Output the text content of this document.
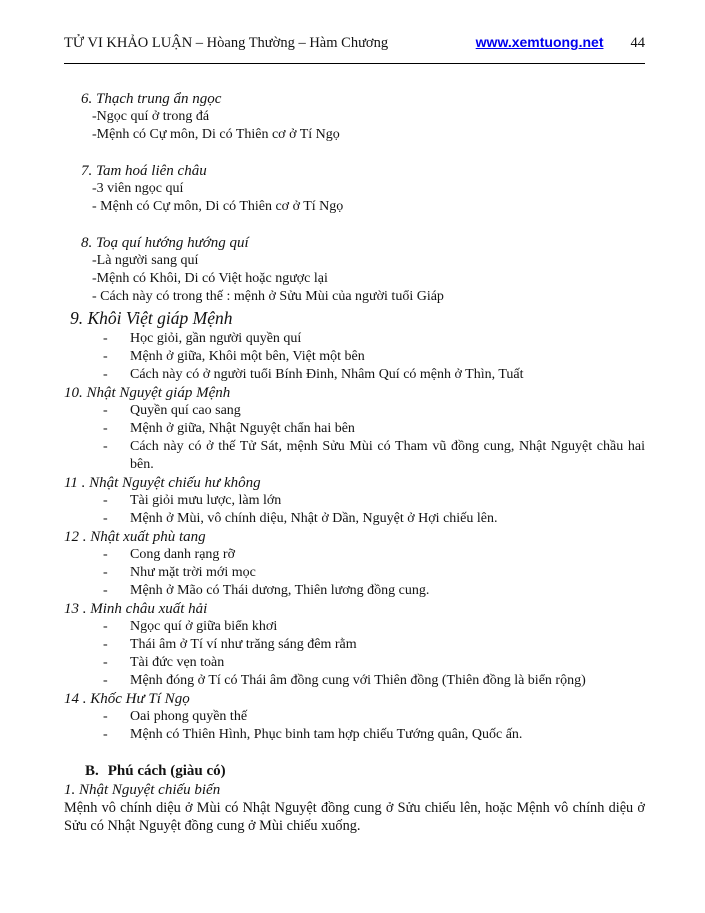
TỬ VI KHẢO LUẬN – Hòang Thường – Hàm Chương	www.xemtuong.net 44
6. Thạch trung ẩn ngọc
-Ngọc quí ở trong đá
-Mệnh có Cự môn, Di có Thiên cơ ở Tí Ngọ
7. Tam hoá liên châu
-3 viên ngọc quí
- Mệnh có Cự môn, Di có Thiên cơ ở Tí Ngọ
8. Toạ quí hướng hướng quí
-Là người sang quí
-Mệnh có Khôi, Di có Việt hoặc ngược lại
- Cách này có trong thế : mệnh ở Sửu Mùi của người tuổi Giáp
9. Khôi Việt giáp Mệnh
-	Học giỏi, gần người quyền quí
-	Mệnh ở giữa, Khôi một bên, Việt một bên
-	Cách này có ở người tuổi Bính Đinh, Nhâm Quí có mệnh ở Thìn, Tuất
10. Nhật Nguyệt giáp Mệnh
-	Quyền quí cao sang
-	Mệnh ở giữa, Nhật Nguyệt chẩn hai bên
-	Cách này có ở thế Tử Sát, mệnh Sửu Mùi có Tham vũ đồng cung, Nhật Nguyệt chầu hai bên.
11 . Nhật Nguyệt chiếu hư không
-	Tài giỏi mưu lược, làm lớn
-	Mệnh ở Mùi, vô chính diệu, Nhật ở Dần, Nguyệt ở Hợi chiếu lên.
12 . Nhật xuất phù tang
-	Cong danh rạng rỡ
-	Như mặt trời mới mọc
-	Mệnh ở Mão có Thái dương, Thiên lương đồng cung.
13 . Minh châu xuất hải
-	Ngọc quí ở giữa biển khơi
-	Thái âm ở Tí ví như trăng sáng đêm rằm
-	Tài đức vẹn toàn
-	Mệnh đóng ở Tí có Thái âm đồng cung với Thiên đồng (Thiên đồng là biển rộng)
14 . Khốc Hư Tí Ngọ
-	Oai phong quyền thế
-	Mệnh có Thiên Hình, Phục binh tam hợp chiếu Tướng quân, Quốc ấn.
B. Phú cách (giàu có)
1. Nhật Nguyệt chiếu biến
Mệnh vô chính diệu ở Mùi có Nhật Nguyệt đồng cung ở Sửu chiếu lên, hoặc Mệnh vô chính diệu ở Sửu có Nhật Nguyệt đồng cung ở Mùi chiếu xuống.
